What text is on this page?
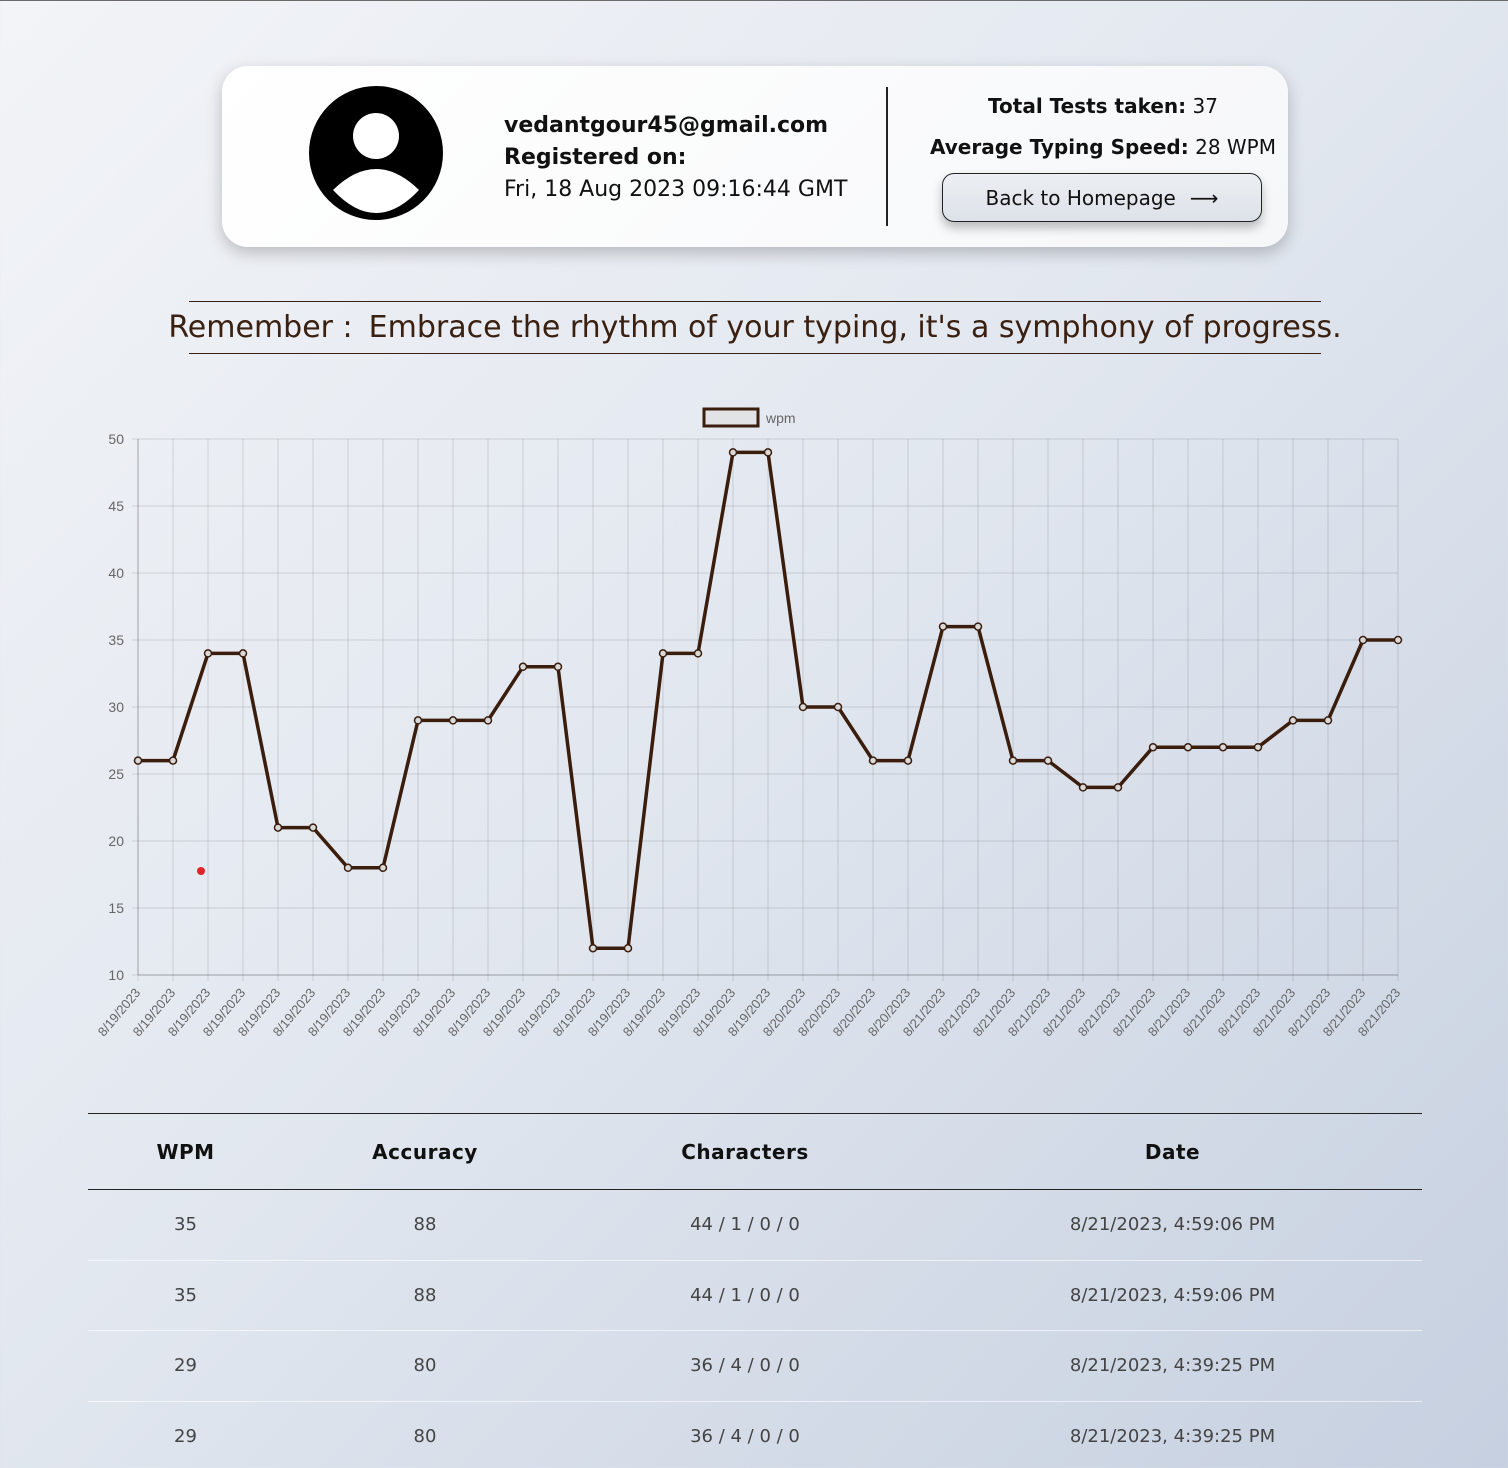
vedantgour45@gmail.com
Registered on:
Fri, 18 Aug 2023 09:16:44 GMT
Total Tests taken: 37
Average Typing Speed: 28 WPM
Back to Homepage ⟶
Remember : Embrace the rhythm of your typing, it's a symphony of progress.
10
15
20
25
30
35
40
45
50
8/19/2023
8/19/2023
8/19/2023
8/19/2023
8/19/2023
8/19/2023
8/19/2023
8/19/2023
8/19/2023
8/19/2023
8/19/2023
8/19/2023
8/19/2023
8/19/2023
8/19/2023
8/19/2023
8/19/2023
8/19/2023
8/19/2023
8/20/2023
8/20/2023
8/20/2023
8/20/2023
8/21/2023
8/21/2023
8/21/2023
8/21/2023
8/21/2023
8/21/2023
8/21/2023
8/21/2023
8/21/2023
8/21/2023
8/21/2023
8/21/2023
8/21/2023
8/21/2023
wpm
WPM	Accuracy	Characters	Date
35	88	44 / 1 / 0 / 0	8/21/2023, 4:59:06 PM
35	88	44 / 1 / 0 / 0	8/21/2023, 4:59:06 PM
29	80	36 / 4 / 0 / 0	8/21/2023, 4:39:25 PM
29	80	36 / 4 / 0 / 0	8/21/2023, 4:39:25 PM
